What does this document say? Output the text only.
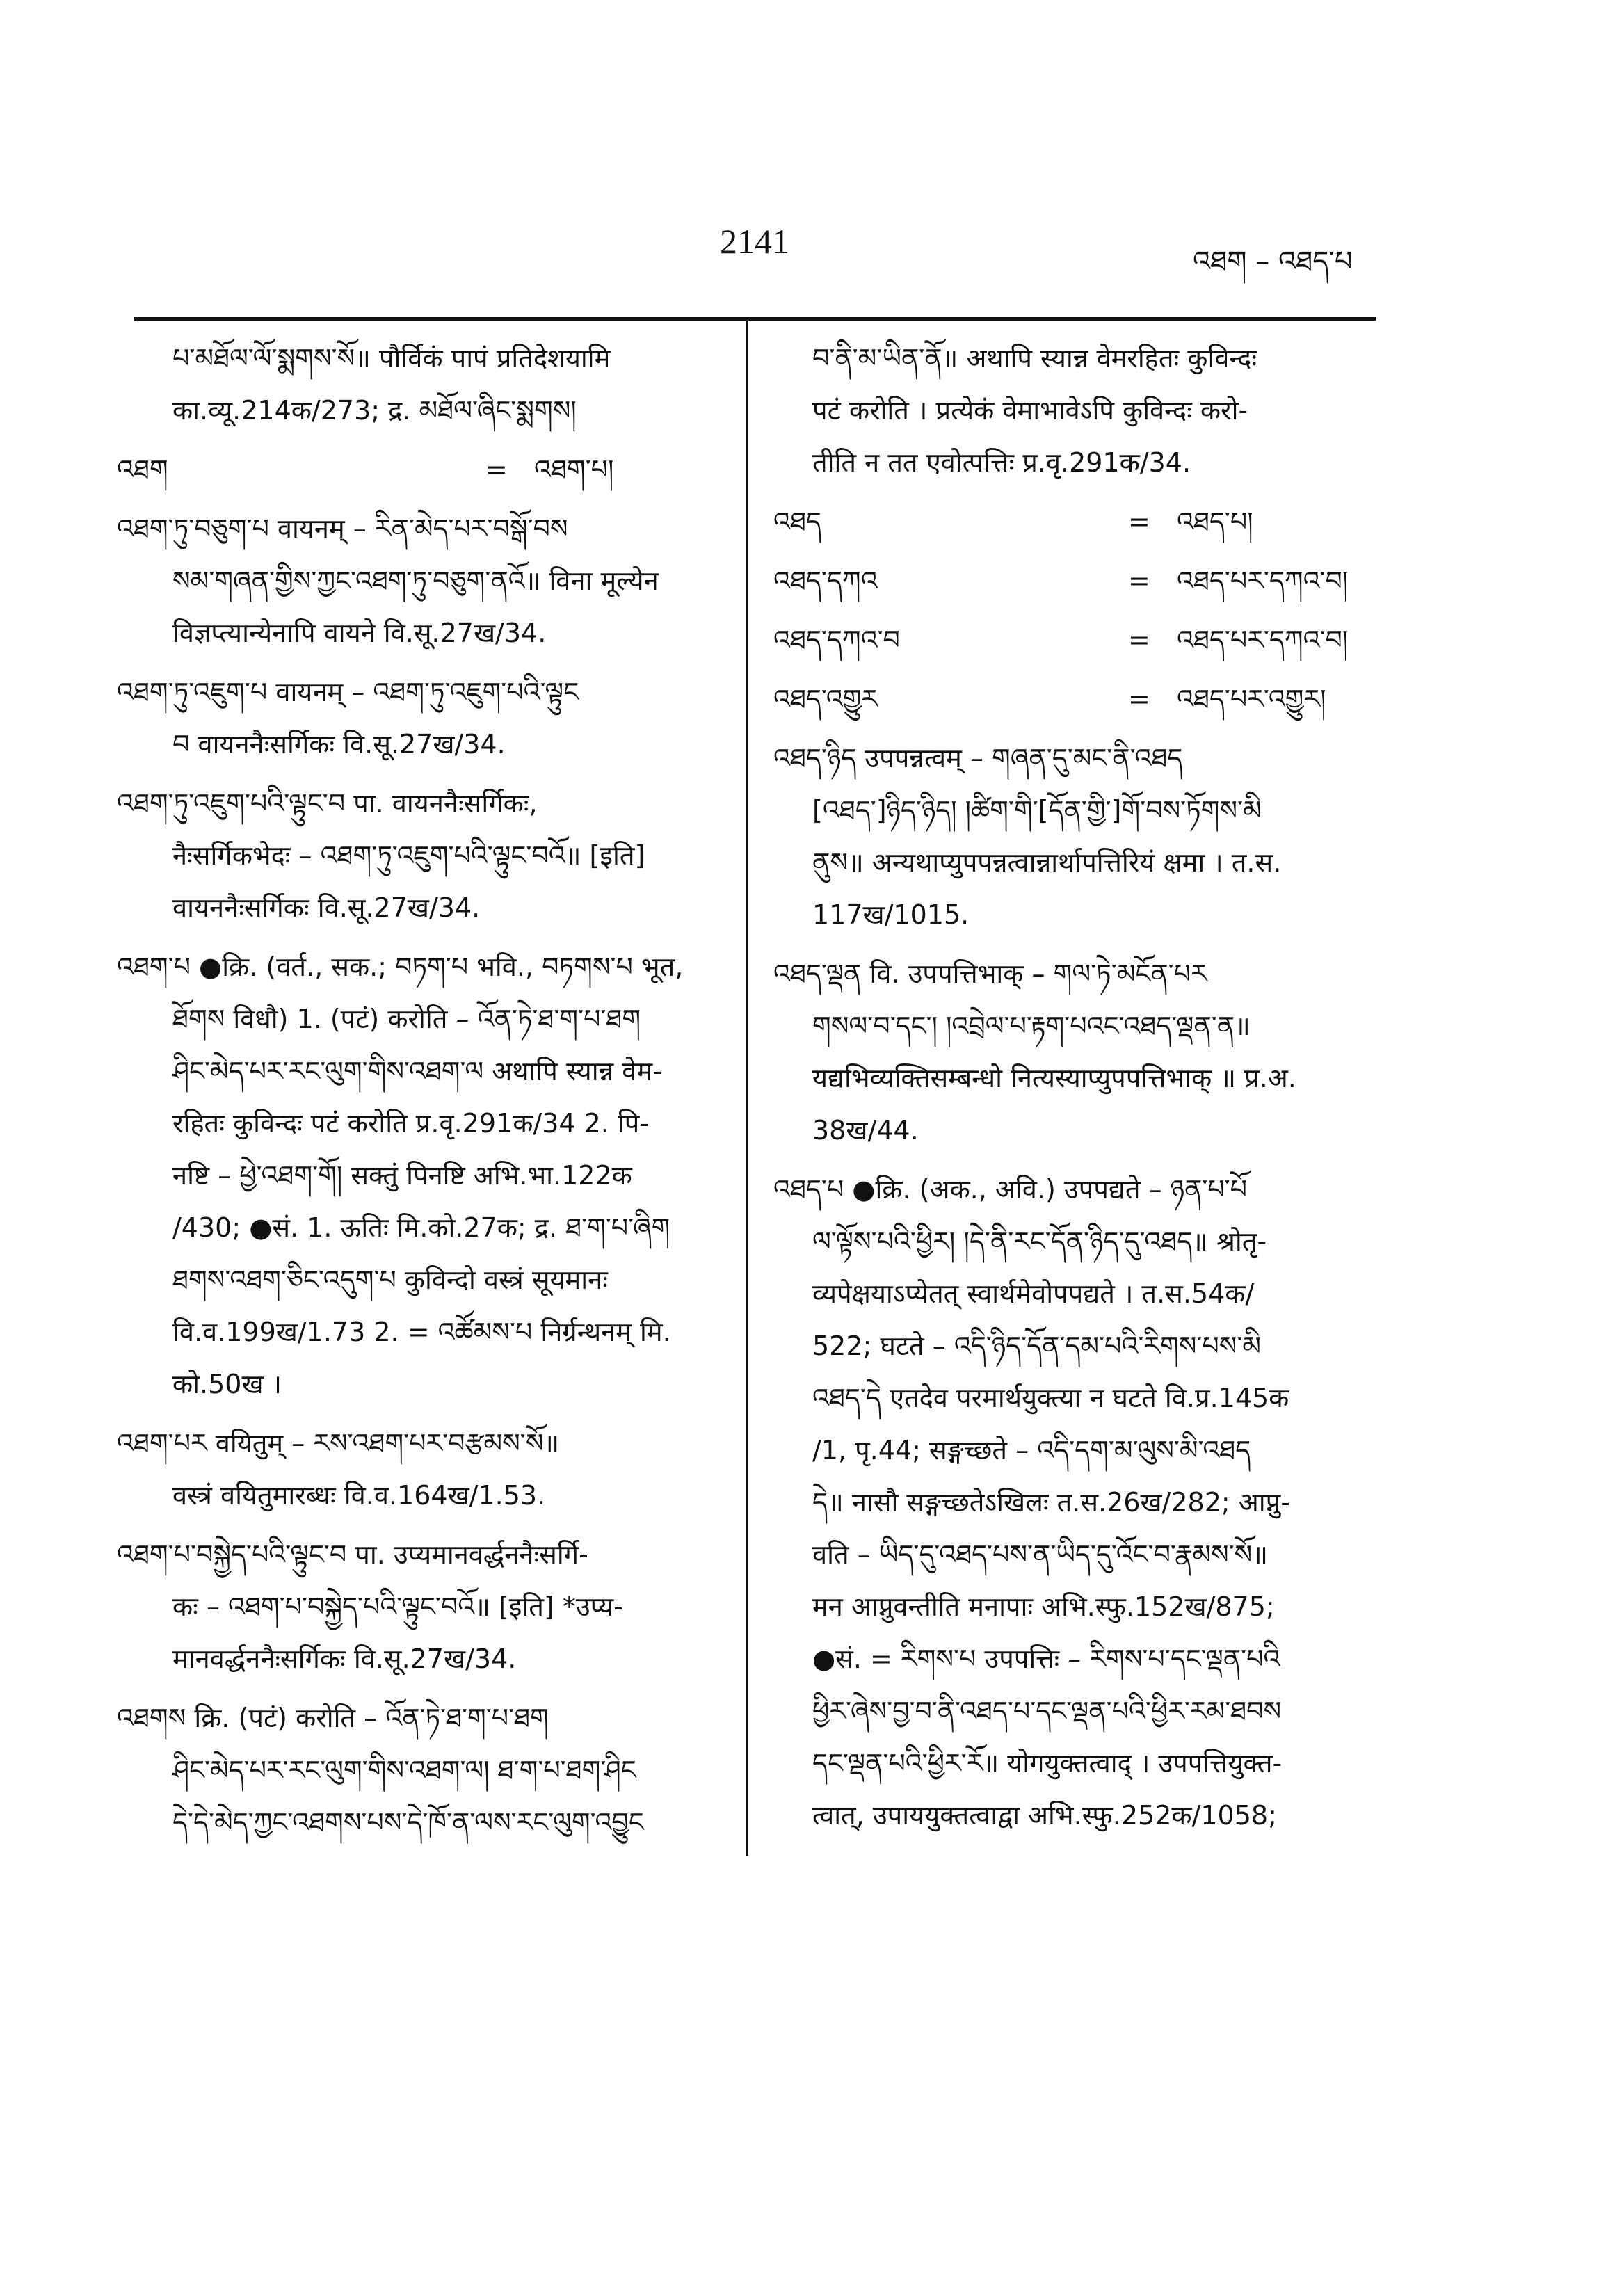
2141
འཐག – འཐད་པ
པ་མཐོལ་ལོ་སྨགས་སོ॥ पौर्विकं पापं प्रतिदेशयामि
का.व्यू.214क/273; द्र. མཐོལ་ཞིང་སྨགས།
འཐག	= འཐག་པ།
འཐག་ཏུ་བཅུག་པ वायनम् – རིན་མེད་པར་བསྒོ་བས
སམ་གཞན་གྱིས་ཀྱང་འཐག་ཏུ་བཅུག་ནའོ॥ विना मूल्येन
विज्ञप्त्यान्येनापि वायने वि.सू.27ख/34.
འཐག་ཏུ་འཇུག་པ वायनम् – འཐག་ཏུ་འཇུག་པའི་ལྟུང
བ वायननैःसर्गिकः वि.सू.27ख/34.
འཐག་ཏུ་འཇུག་པའི་ལྟུང་བ पा. वायननैःसर्गिकः,
नैःसर्गिकभेदः – འཐག་ཏུ་འཇུག་པའི་ལྟུང་བའོ॥ [इति]
वायननैःसर्गिकः वि.सू.27ख/34.
འཐག་པ ●क्रि. (वर्त., सक.; བཏག་པ भवि., བཏགས་པ भूत,
ཐོགས विधौ) 1. (पटं) करोति – འོན་ཏེ་ཐ་ག་པ་ཐག
ཤིང་མེད་པར་རང་ལུག་གིས་འཐག་ལ अथापि स्यान्न वेम-
रहितः कुविन्दः पटं करोति प्र.वृ.291क/34 2. पि-
नष्टि – ཕྱེ་འཐག་གོ། सक्तुं पिनष्टि अभि.भा.122क
/430; ●सं. 1. ऊतिः मि.को.27क; द्र. ཐ་ག་པ་ཞིག
ཐགས་འཐག་ཅིང་འདུག་པ कुविन्दो वस्त्रं सूयमानः
वि.व.199ख/1.73 2. = འཚོམས་པ निर्ग्रन्थनम् मि.
को.50ख ।
འཐག་པར वयितुम् – རས་འཐག་པར་བརྩམས་སོ॥
वस्त्रं वयितुमारब्धः वि.व.164ख/1.53.
འཐག་པ་བསྐྱེད་པའི་ལྟུང་བ पा. उप्यमानवर्द्धननैःसर्गि-
कः – འཐག་པ་བསྐྱེད་པའི་ལྟུང་བའོ॥ [इति] *उप्य-
मानवर्द्धननैःसर्गिकः वि.सू.27ख/34.
འཐགས क्रि. (पटं) करोति – འོན་ཏེ་ཐ་ག་པ་ཐག
ཤིང་མེད་པར་རང་ལུག་གིས་འཐག་ལ། ཐ་ག་པ་ཐག་ཤིང
དེ་དེ་མེད་ཀྱང་འཐགས་པས་དེ་ཁོ་ན་ལས་རང་ལུག་འབྱུང
བ་ནི་མ་ཡིན་ནོ॥ अथापि स्यान्न वेमरहितः कुविन्दः
पटं करोति । प्रत्येकं वेमाभावेऽपि कुविन्दः करो-
तीति न तत एवोत्पत्तिः प्र.वृ.291क/34.
འཐད	= འཐད་པ།
འཐད་དཀའ	= འཐད་པར་དཀའ་བ།
འཐད་དཀའ་བ	= འཐད་པར་དཀའ་བ།
འཐད་འགྱུར	= འཐད་པར་འགྱུར།
འཐད་ཉིད उपपन्नत्वम् – གཞན་དུ་མང་ནི་འཐད
[འཐད་]ཉིད་ཉིད། །ཚིག་གི་[དོན་གྱི་]གོ་བས་ཏོགས་མི
ནུས॥ अन्यथाप्युपपन्नत्वान्नार्थापत्तिरियं क्षमा । त.स.
117ख/1015.
འཐད་ལྡན वि. उपपत्तिभाक् – གལ་ཏེ་མངོན་པར
གསལ་བ་དང་། །འབྲེལ་པ་རྟག་པའང་འཐད་ལྡན་ན॥
यद्यभिव्यक्तिसम्बन्धो नित्यस्याप्युपपत्तिभाक् ॥ प्र.अ.
38ख/44.
འཐད་པ ●क्रि. (अक., अवि.) उपपद्यते – ཉན་པ་པོ
ལ་ལྟོས་པའི་ཕྱིར། །དེ་ནི་རང་དོན་ཉིད་དུ་འཐད॥ श्रोतृ-
व्यपेक्षयाऽप्येतत् स्वार्थमेवोपपद्यते । त.स.54क/
522; घटते – འདི་ཉིད་དོན་དམ་པའི་རིགས་པས་མི
འཐད་དེ एतदेव परमार्थयुक्त्या न घटते वि.प्र.145क
/1, पृ.44; सङ्गच्छते – འདི་དག་མ་ལུས་མི་འཐད
དེ॥ नासौ सङ्गच्छतेऽखिलः त.स.26ख/282; आप्नु-
वति – ཡིད་དུ་འཐད་པས་ན་ཡིད་དུ་འོང་བ་རྣམས་སོ॥
मन आप्नुवन्तीति मनापाः अभि.स्फु.152ख/875;
●सं. = རིགས་པ उपपत्तिः – རིགས་པ་དང་ལྡན་པའི
ཕྱིར་ཞེས་བྱ་བ་ནི་འཐད་པ་དང་ལྡན་པའི་ཕྱིར་རམ་ཐབས
དང་ལྡན་པའི་ཕྱིར་རོ॥ योगयुक्तत्वाद् । उपपत्तियुक्त-
त्वात्, उपाययुक्तत्वाद्वा अभि.स्फु.252क/1058;
